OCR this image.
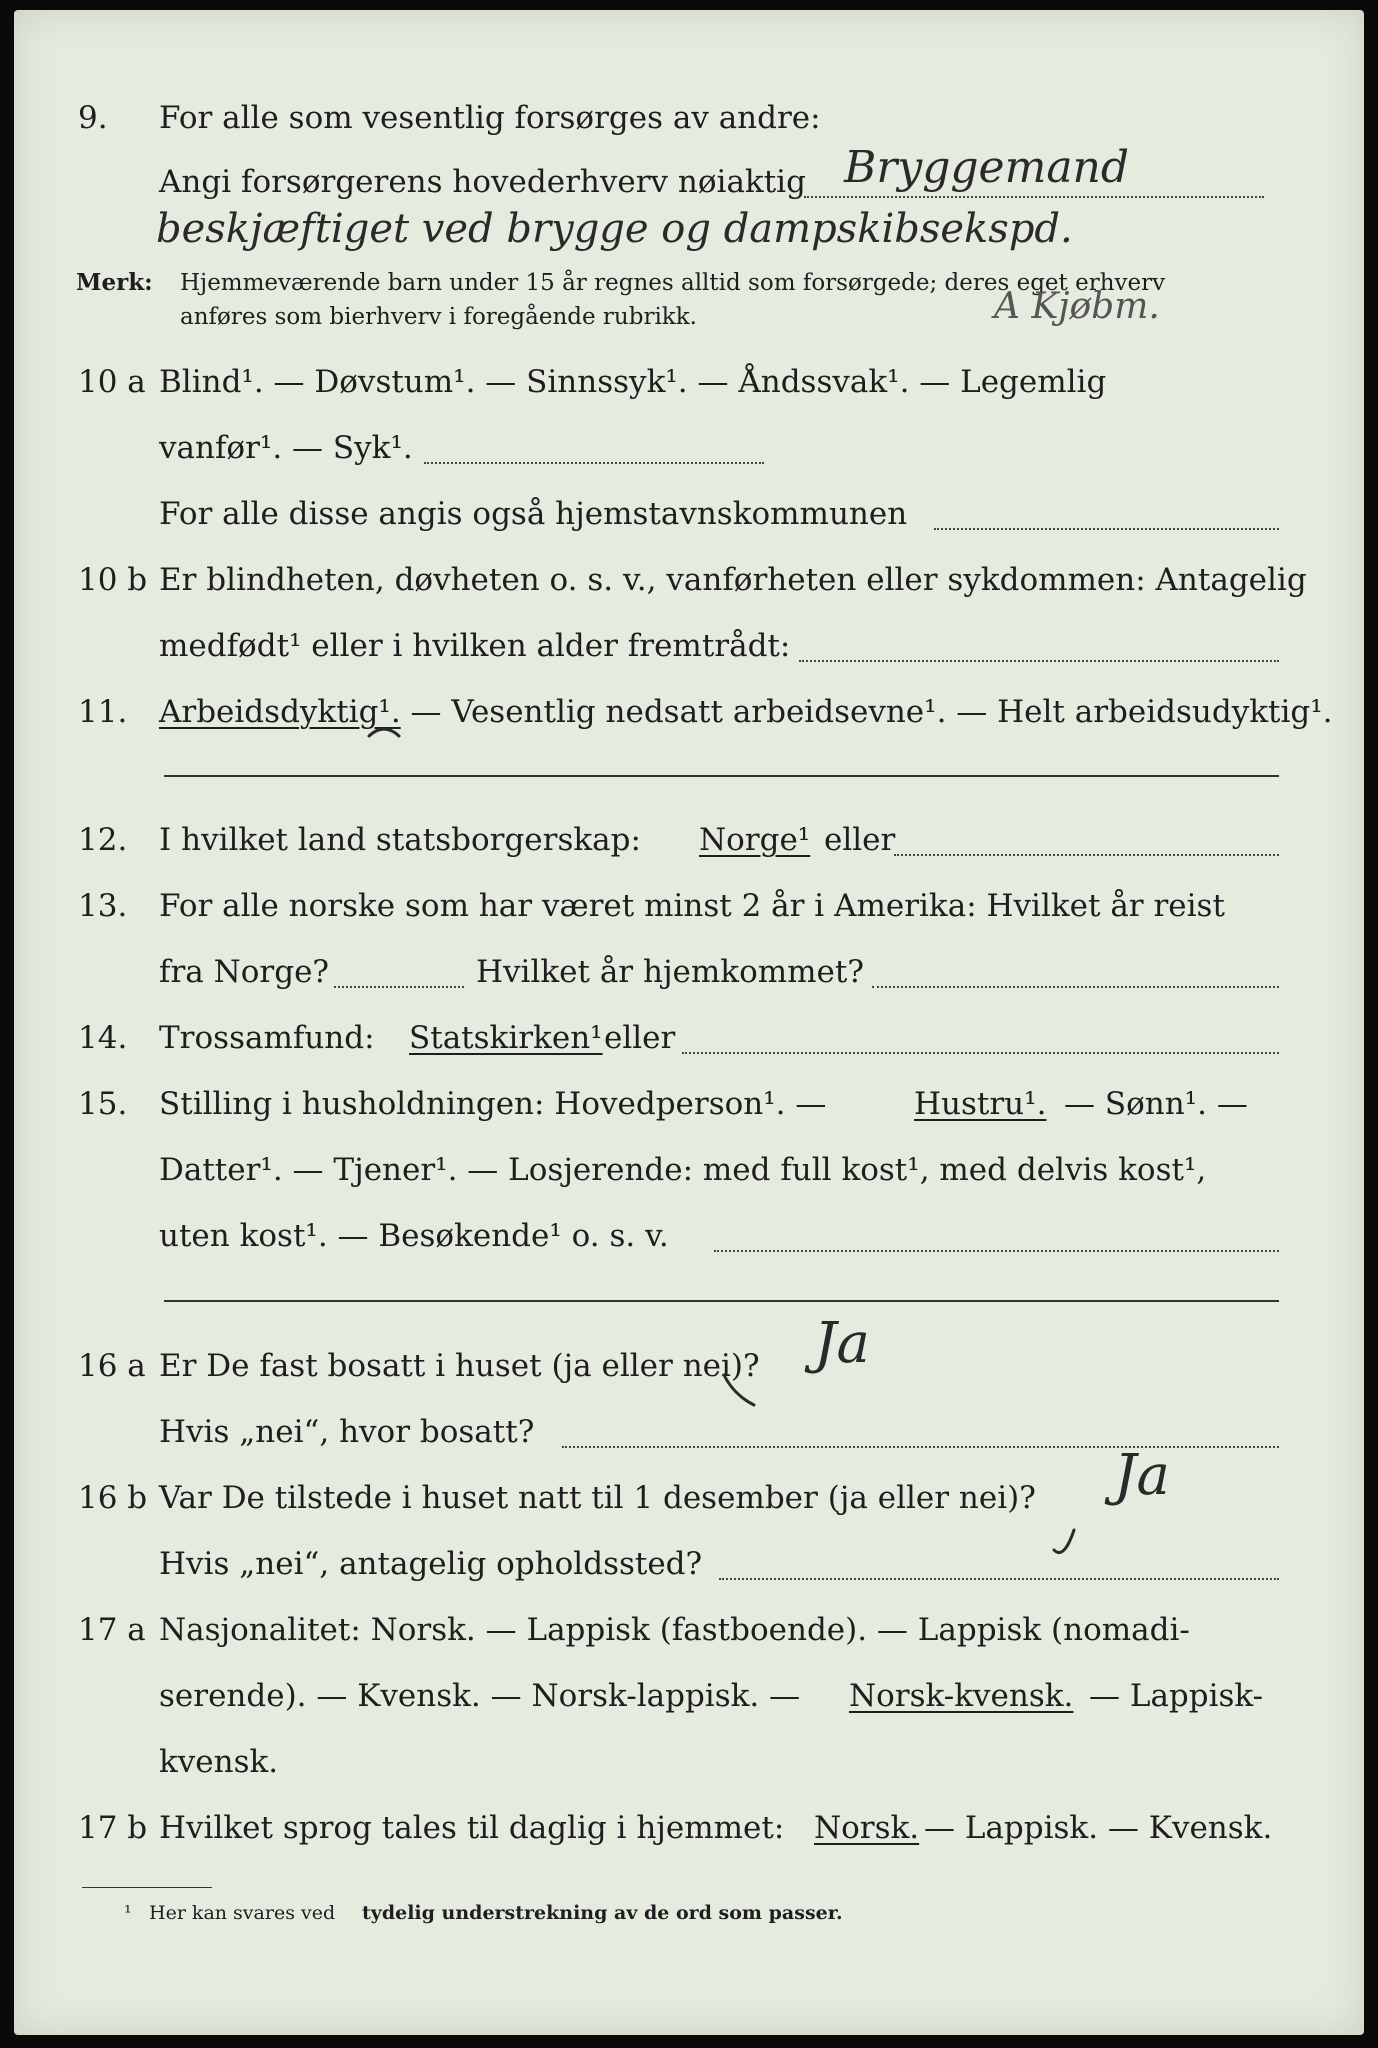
9. For alle som vesentlig forsørges av andre:
Angi forsørgerens hovederhverv nøiaktig Bryggemand
beskjæftiget ved brygge og dampskibsekspd.
Merk: Hjemmeværende barn under 15 år regnes alltid som forsørgede; deres eget erhverv
anføres som bierhverv i foregående rubrikk.	A Kjøbm.
10 a Blind¹. — Døvstum¹. — Sinnssyk¹. — Åndssvak¹. — Legemlig
vanfør¹. — Syk¹.
For alle disse angis også hjemstavnskommunen
10 b Er blindheten, døvheten o. s. v., vanførheten eller sykdommen: Antagelig
medfødt¹ eller i hvilken alder fremtrådt:
11. Arbeidsdyktig¹. — Vesentlig nedsatt arbeidsevne¹. — Helt arbeidsudyktig¹.
12. I hvilket land statsborgerskap: Norge¹ eller
13. For alle norske som har været minst 2 år i Amerika: Hvilket år reist
fra Norge?	Hvilket år hjemkommet?
14. Trossamfund: Statskirken¹ eller
15. Stilling i husholdningen: Hovedperson¹. —	Hustru¹. — Sønn¹. —
Datter¹. — Tjener¹. — Losjerende: med full kost¹, med delvis kost¹,
uten kost¹. — Besøkende¹ o. s. v.
16 a Er De fast bosatt i huset (ja eller nei)? Ja
Hvis „nei“, hvor bosatt?
16 b Var De tilstede i huset natt til 1 desember (ja eller nei)? Ja
Hvis „nei“, antagelig opholdssted?
17 a Nasjonalitet: Norsk. — Lappisk (fastboende). — Lappisk (nomadi-
serende). — Kvensk. — Norsk-lappisk. — Norsk-kvensk. — Lappisk-
kvensk.
17 b Hvilket sprog tales til daglig i hjemmet: Norsk. — Lappisk. — Kvensk.
¹ Her kan svares ved tydelig understrekning av de ord som passer.
